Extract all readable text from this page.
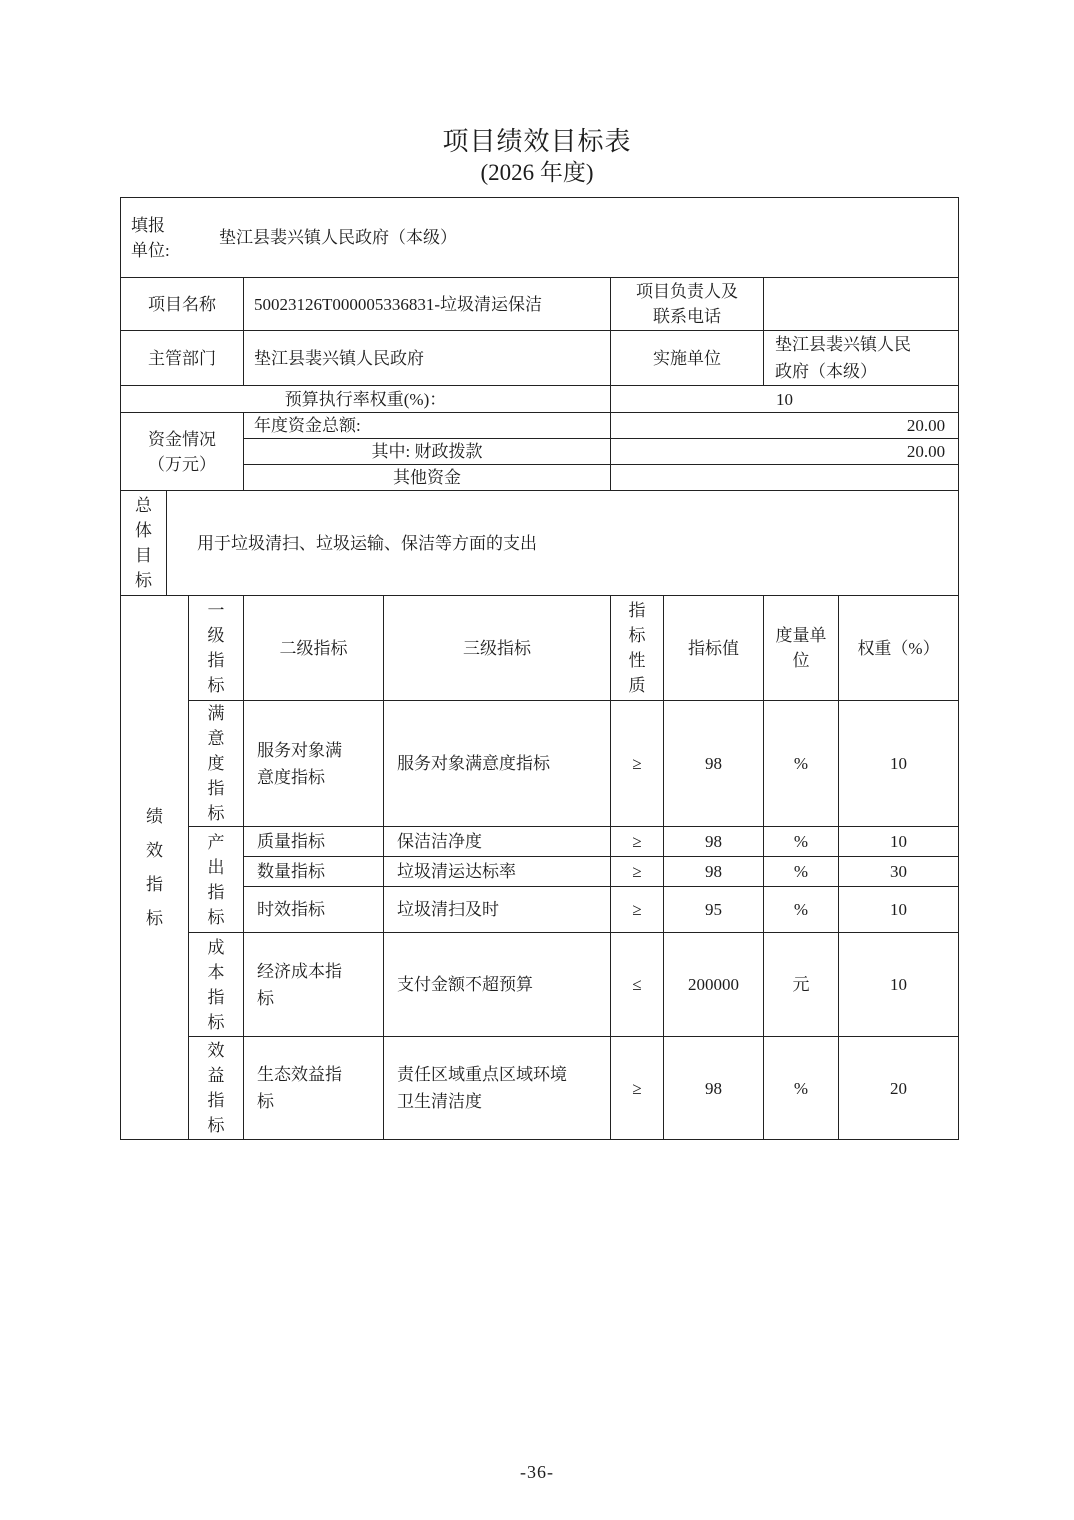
项目绩效目标表
(2026 年度)
填报单位:
垫江县裴兴镇人民政府（本级）								

项目名称			50023126T000005336831-垃圾清运保洁		项目负责人及联系电话			
主管部门			垫江县裴兴镇人民政府		实施单位		垫江县裴兴镇人民政府（本级）	
预算执行率权重(%)：					10			
资金情况（万元）			年度资金总额:		20.00			
			其中: 财政拨款		20.00			
			其他资金					

总体目标	用于垃圾清扫、垃圾运输、保洁等方面的支出							

绩效指标		一级指标	二级指标	三级指标	指标性质	指标值	度量单位	权重（%）

		满意度指标	服务对象满意度指标	服务对象满意度指标	≥	98	%	10

		产出指标	质量指标	保洁洁净度	≥	98	%	10
			数量指标	垃圾清运达标率	≥	98	%	30
			时效指标	垃圾清扫及时	≥	95	%	10

		成本指标	经济成本指标	支付金额不超预算	≤	200000	元	10

		效益指标	生态效益指标	责任区域重点区域环境卫生清洁度	≥	98	%	20
-36-
